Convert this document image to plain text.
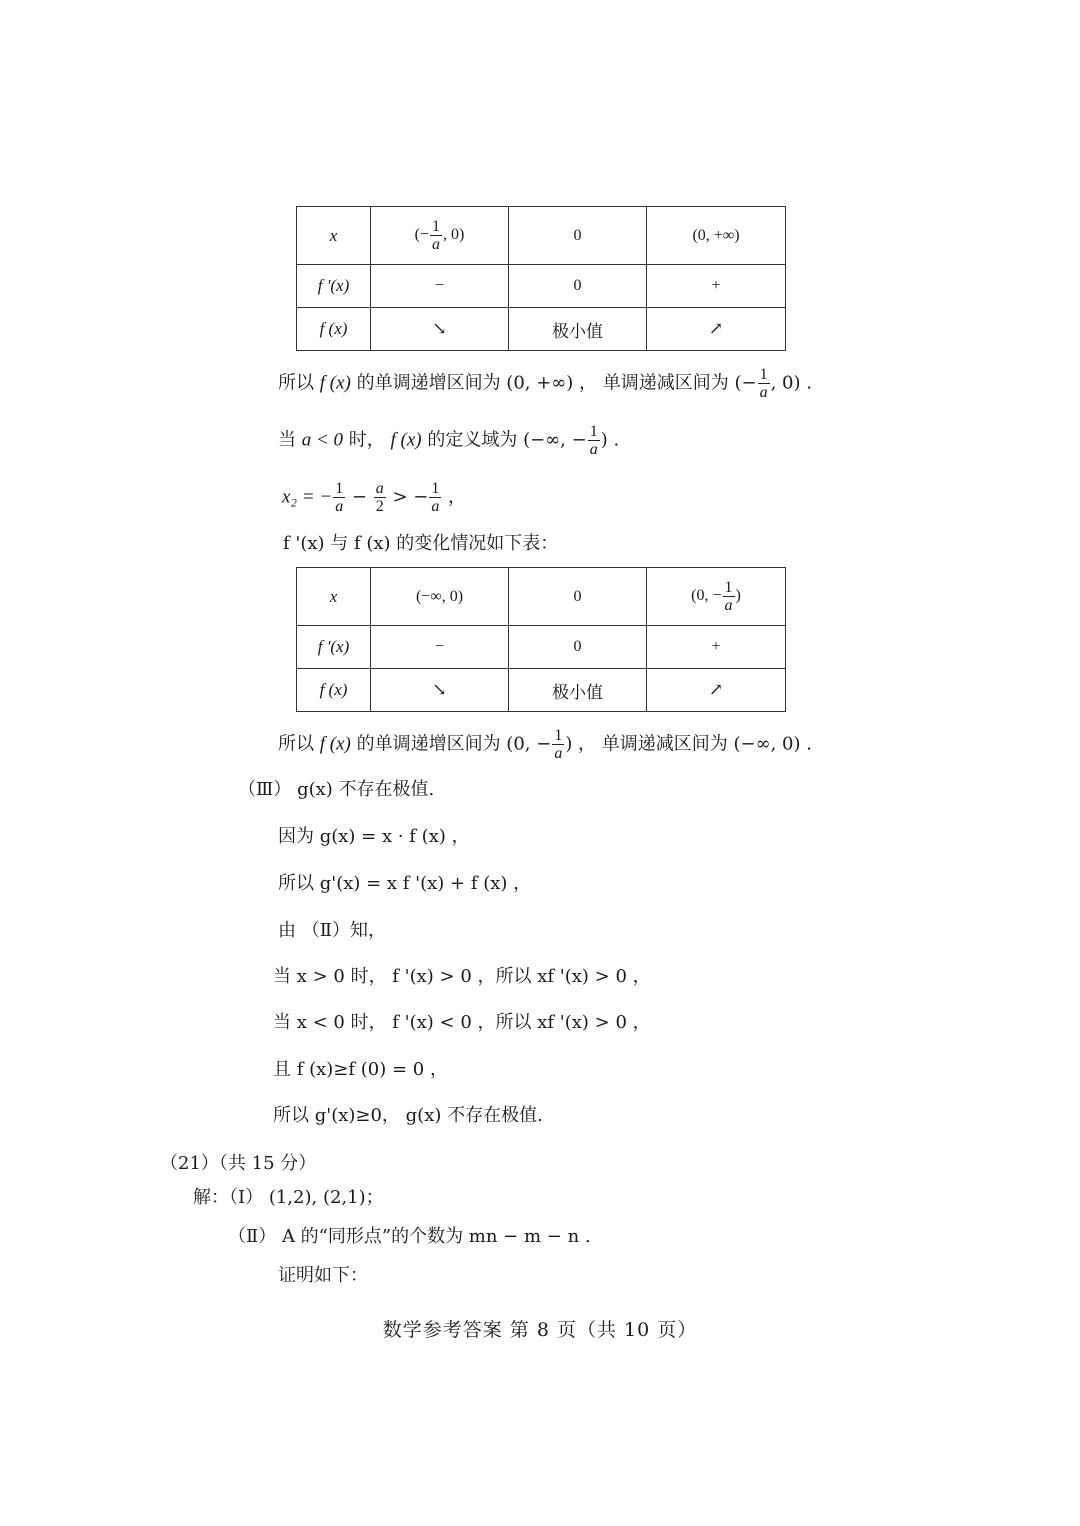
x	(− $\frac{1}{a}$ , 0)	0	(0, +∞)
f '(x)	−	0	+
f (x)	↘	极小值	↗
所以 f (x) 的单调递增区间为 (0, +∞) ， 单调递减区间为 (− $\frac{1}{a}$ , 0) .
当 a < 0 时， f (x) 的定义域为 (−∞, − $\frac{1}{a}$ ) .
x₂ = − $\frac{1}{a} - \frac{a}{2}$ > − $\frac{1}{a}$ ，
f '(x) 与 f (x) 的变化情况如下表：
x	(−∞, 0)	0	(0, − $\frac{1}{a}$ )
f '(x)	−	0	+
f (x)	↘	极小值	↗
所以 f (x) 的单调递增区间为 (0, − $\frac{1}{a}$ ) ， 单调递减区间为 (−∞, 0) .
（Ⅲ） g(x) 不存在极值.
因为 g(x) = x · f (x) ，
所以 g'(x) = x f '(x) + f (x) ，
由 （Ⅱ）知，
当 x > 0 时， f '(x) > 0 ，所以 xf '(x) > 0 ，
当 x < 0 时， f '(x) < 0 ，所以 xf '(x) > 0 ，
且 f (x)≥f (0) = 0 ，
所以 g'(x)≥0， g(x) 不存在极值.
（21）（共 15 分）
解：（Ⅰ） (1,2), (2,1)；
（Ⅱ） A 的“同形点”的个数为 mn − m − n .
证明如下：
数学参考答案 第 8 页（共 10 页）
